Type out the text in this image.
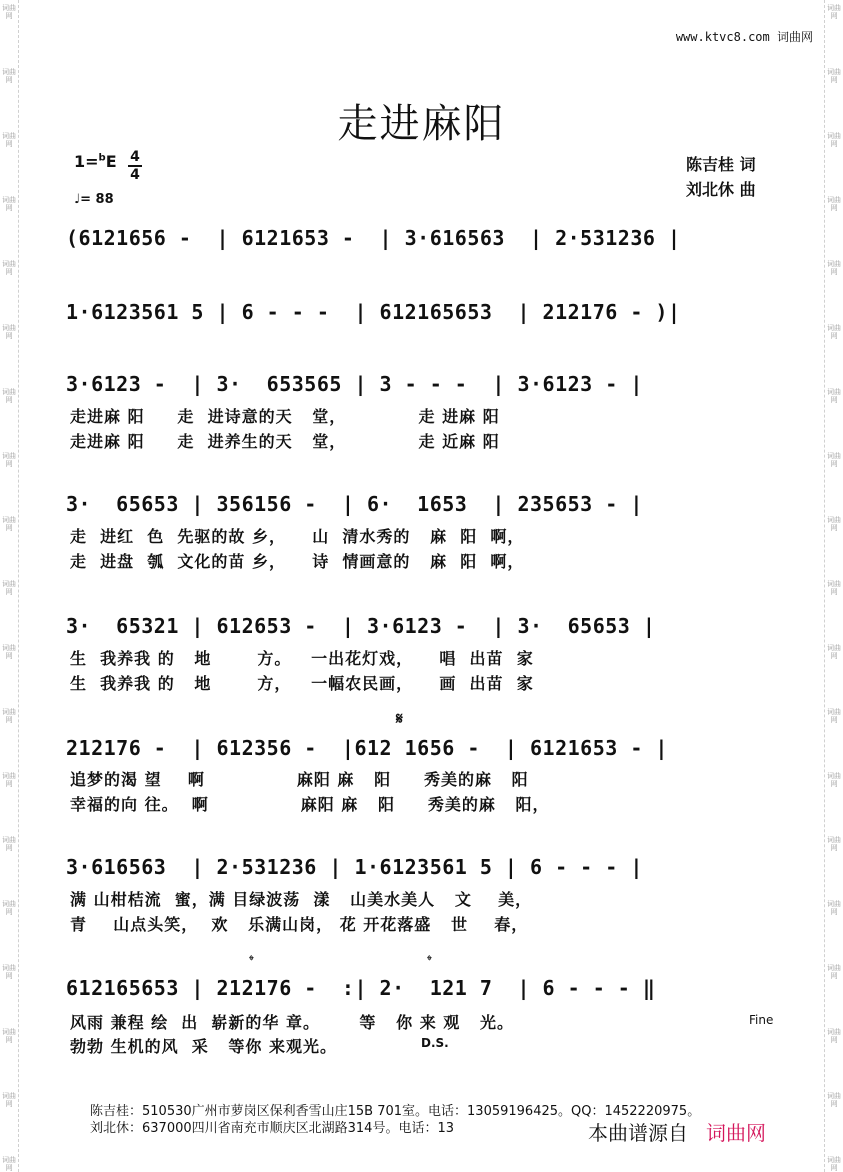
词曲网
词曲网
词曲网
词曲网
词曲网
词曲网
词曲网
词曲网
词曲网
词曲网
词曲网
词曲网
词曲网
词曲网
词曲网
词曲网
词曲网
词曲网
词曲网
词曲网
词曲网
词曲网
词曲网
词曲网
词曲网
词曲网
词曲网
词曲网
词曲网
词曲网
词曲网
词曲网
词曲网
词曲网
词曲网
词曲网
词曲网
词曲网
www.ktvc8.com 词曲网
走进麻阳
1=$^b$E 4
4
♩= 88
陈吉桂 词
刘北休 曲
(6121656 -  | 6121653 -  | 3·616563  | 2·531236 |
1·6123561 5 | 6 - - -  | 612165653  | 212176 - )|
3·6123 -  | 3·  653565 | 3 - - -  | 3·6123 - |
走进麻 阳     走  进诗意的天   堂，           走 进麻 阳
走进麻 阳     走  进养生的天   堂，           走 近麻 阳
3·  65653 | 356156 -  | 6·  1653  | 235653 - |
走  进红  色  先驱的故 乡，    山  清水秀的   麻  阳  啊，
走  进盘  瓠  文化的苗 乡，    诗  情画意的   麻  阳  啊，
3·  65321 | 612653 -  | 3·6123 -  | 3·  65653 |
生  我养我 的   地       方。   一出花灯戏，    唱  出苗  家
生  我养我 的   地       方，   一幅农民画，    画  出苗  家
𝄋
212176 -  | 612356 -  |612 1656 -  | 6121653 - |
追梦的渴 望    啊              麻阳 麻   阳     秀美的麻   阳
幸福的向 往。  啊              麻阳 麻   阳     秀美的麻   阳，
3·616563  | 2·531236 | 1·6123561 5 | 6 - - - |
满 山柑桔流  蜜，满 目绿波荡  漾   山美水美人   文    美，
青    山点头笑，  欢   乐满山岗， 花 开花落盛   世    春，
𝄌	𝄌
612165653 | 212176 -  :| 2·  121 7  | 6 - - - ‖
风雨 兼程 绘  出  崭新的华 章。      等   你 来 观   光。
勃勃 生机的风  采   等你 来观光。
Fine
D.S.
陈吉桂：510530广州市萝岗区保利香雪山庄15B 701室。电话：13059196425。QQ：1452220975。
刘北休：637000四川省南充市顺庆区北湖路314号。电话：13	本曲谱源自 词曲网
